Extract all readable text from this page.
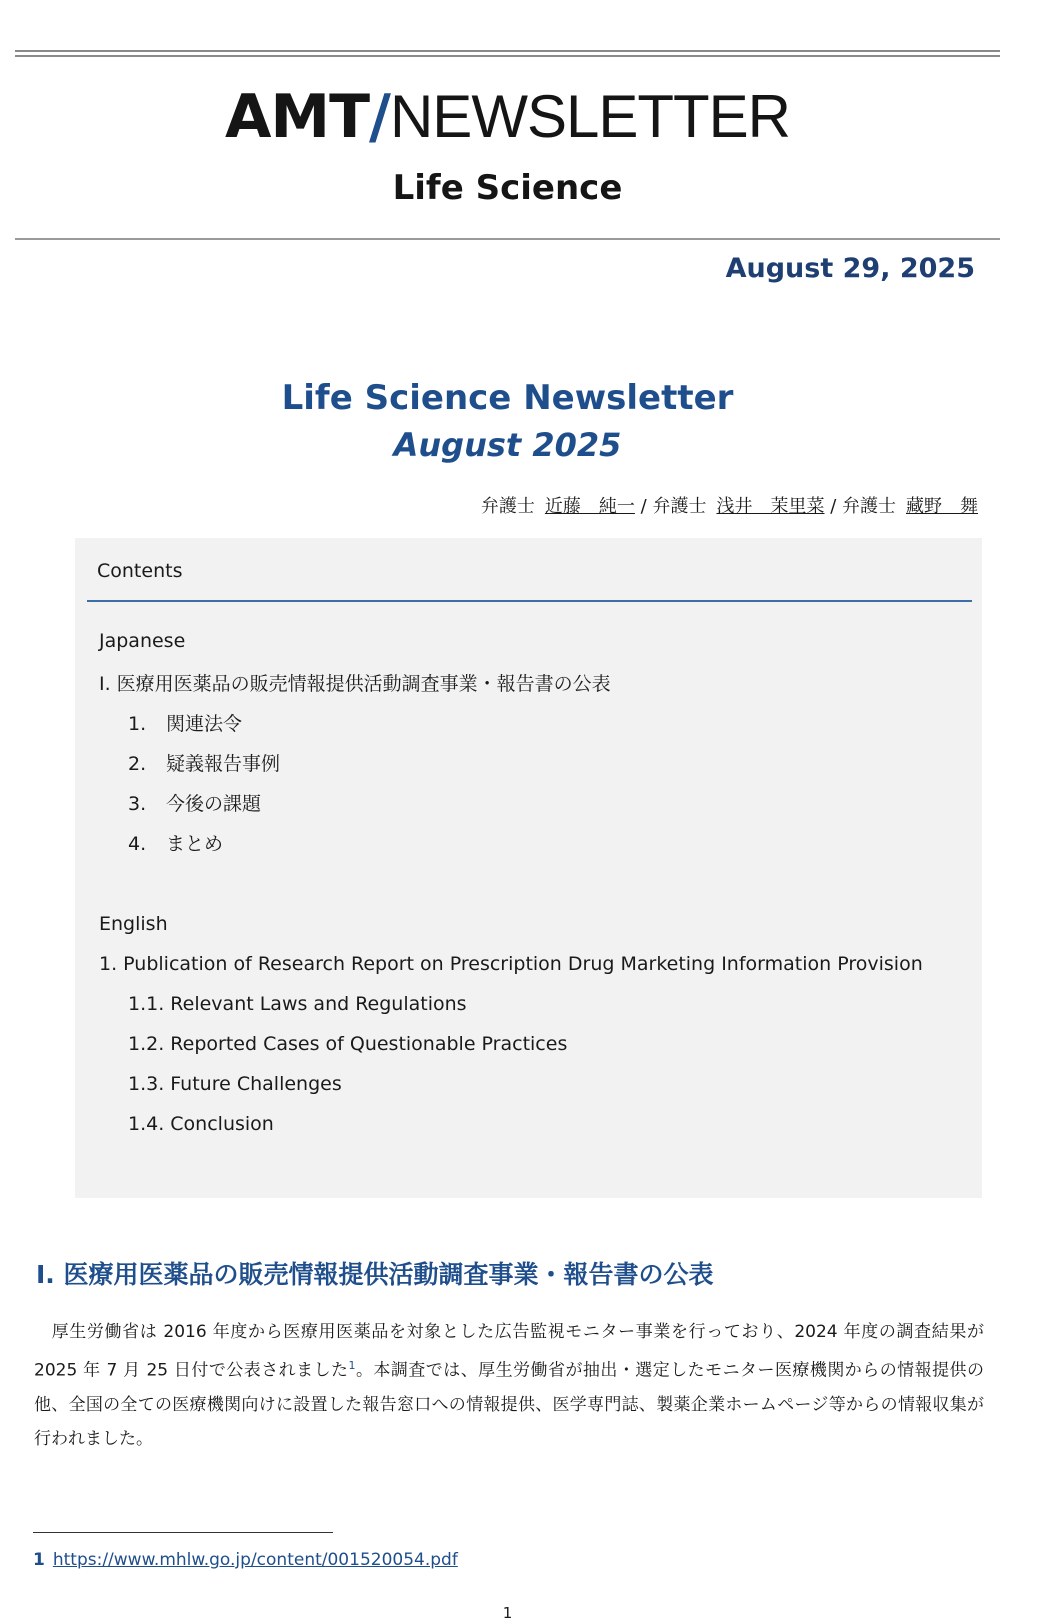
AMT/NEWSLETTER
Life Science
August 29, 2025
Life Science Newsletter
August 2025
弁護士 近藤　純一 / 弁護士 浅井　茉里菜 / 弁護士 藏野　舞
Contents
Japanese
Ⅰ. 医療用医薬品の販売情報提供活動調査事業・報告書の公表
1. 関連法令
2. 疑義報告事例
3. 今後の課題
4. まとめ
English
1. Publication of Research Report on Prescription Drug Marketing Information Provision
1.1. Relevant Laws and Regulations
1.2. Reported Cases of Questionable Practices
1.3. Future Challenges
1.4. Conclusion
Ⅰ. 医療用医薬品の販売情報提供活動調査事業・報告書の公表
　厚生労働省は 2016 年度から医療用医薬品を対象とした広告監視モニター事業を行っており、2024 年度の調査結果が 2025 年 7 月 25 日付で公表されました$^1$。本調査では、厚生労働省が抽出・選定したモニター医療機関からの情報提供の他、全国の全ての医療機関向けに設置した報告窓口への情報提供、医学専門誌、製薬企業ホームページ等からの情報収集が行われました。
1 https://www.mhlw.go.jp/content/001520054.pdf
1
